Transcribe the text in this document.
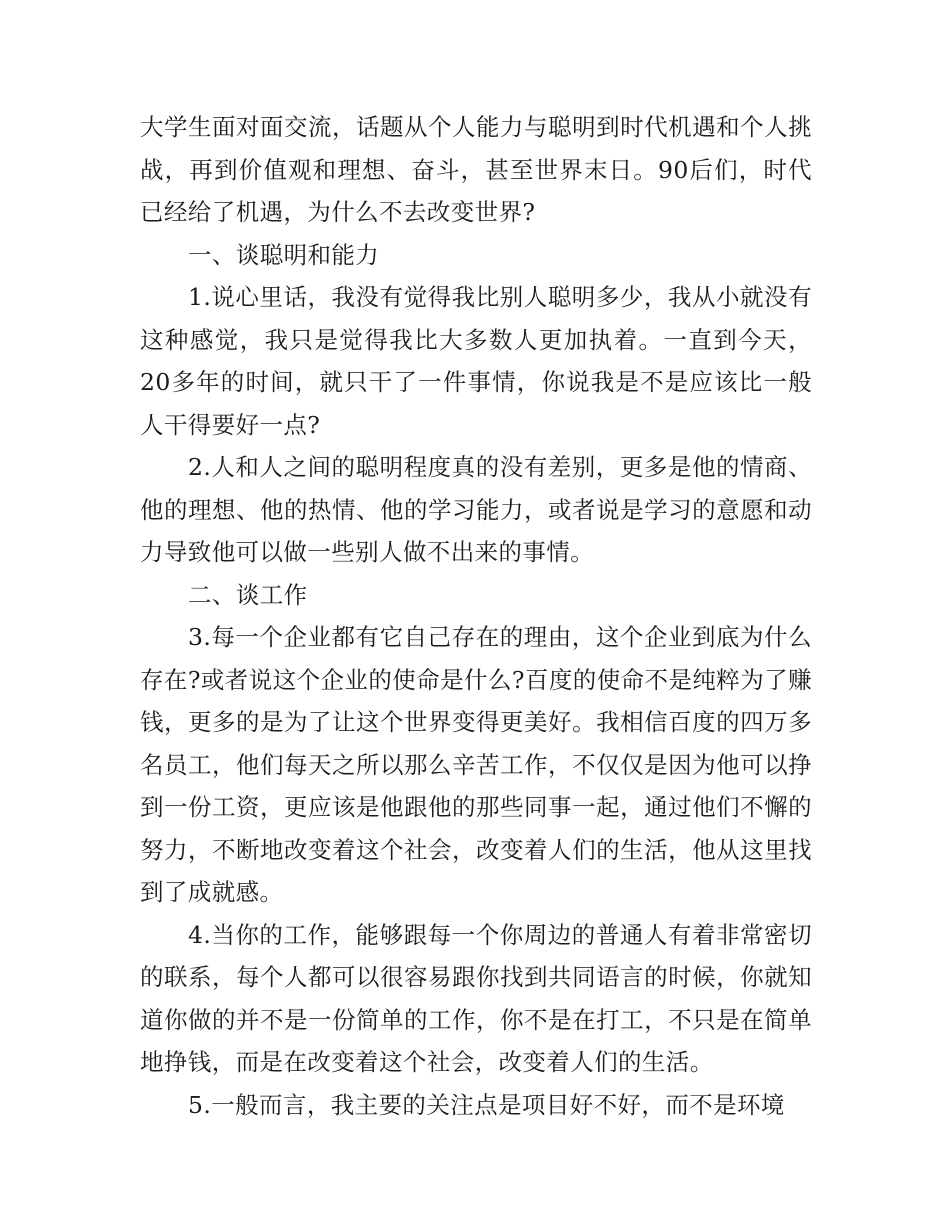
大学生面对面交流，话题从个人能力与聪明到时代机遇和个人挑战，再到价值观和理想、奋斗，甚至世界末日。90后们，时代已经给了机遇，为什么不去改变世界?

一、谈聪明和能力

1.说心里话，我没有觉得我比别人聪明多少，我从小就没有这种感觉，我只是觉得我比大多数人更加执着。一直到今天，20多年的时间，就只干了一件事情，你说我是不是应该比一般人干得要好一点?

2.人和人之间的聪明程度真的没有差别，更多是他的情商、他的理想、他的热情、他的学习能力，或者说是学习的意愿和动力导致他可以做一些别人做不出来的事情。

二、谈工作

3.每一个企业都有它自己存在的理由，这个企业到底为什么存在?或者说这个企业的使命是什么?百度的使命不是纯粹为了赚钱，更多的是为了让这个世界变得更美好。我相信百度的四万多名员工，他们每天之所以那么辛苦工作，不仅仅是因为他可以挣到一份工资，更应该是他跟他的那些同事一起，通过他们不懈的努力，不断地改变着这个社会，改变着人们的生活，他从这里找到了成就感。

4.当你的工作，能够跟每一个你周边的普通人有着非常密切的联系，每个人都可以很容易跟你找到共同语言的时候，你就知道你做的并不是一份简单的工作，你不是在打工，不只是在简单地挣钱，而是在改变着这个社会，改变着人们的生活。

5.一般而言，我主要的关注点是项目好不好，而不是环境
